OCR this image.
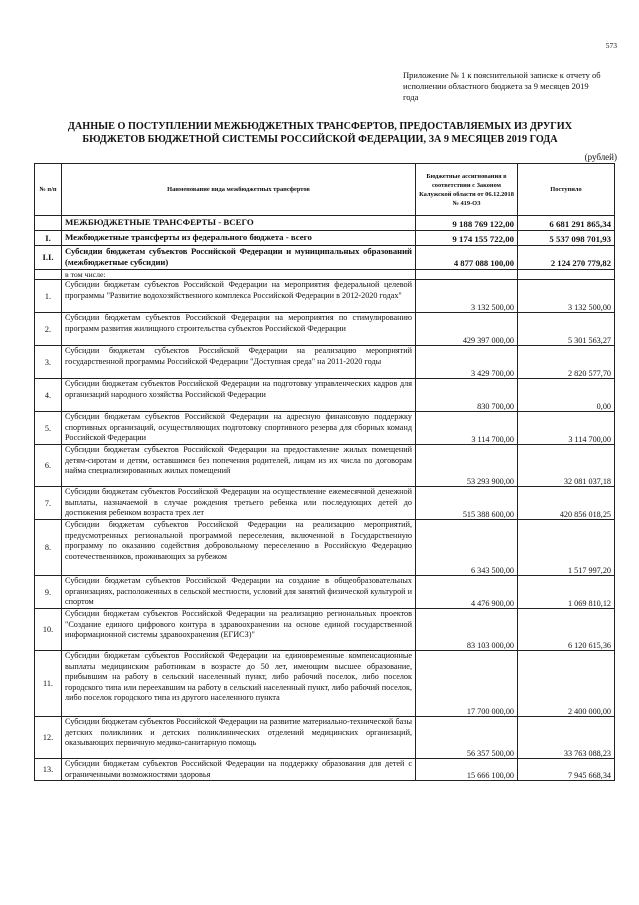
573
Приложение № 1 к пояснительной записке к отчету об исполнении областного бюджета за 9 месяцев 2019 года
ДАННЫЕ О ПОСТУПЛЕНИИ МЕЖБЮДЖЕТНЫХ ТРАНСФЕРТОВ, ПРЕДОСТАВЛЯЕМЫХ ИЗ ДРУГИХ БЮДЖЕТОВ БЮДЖЕТНОЙ СИСТЕМЫ РОССИЙСКОЙ ФЕДЕРАЦИИ, ЗА 9 МЕСЯЦЕВ 2019 ГОДА
(рублей)
№ п/п	Наименование вида межбюджетных трансфертов	Бюджетные ассигнования в соответствии с Законом Калужской области от 06.12.2018 № 419-ОЗ	Поступило
	МЕЖБЮДЖЕТНЫЕ ТРАНСФЕРТЫ - ВСЕГО	9 188 769 122,00	6 681 291 865,34
I.	Межбюджетные трансферты из федерального бюджета - всего	9 174 155 722,00	5 537 098 701,93
I.I.	Субсидии бюджетам субъектов Российской Федерации и муниципальных образований (межбюджетные субсидии)	4 877 088 100,00	2 124 270 779,82
	в том числе:		
1.	Субсидии бюджетам субъектов Российской Федерации на мероприятия федеральной целевой программы "Развитие водохозяйственного комплекса Российской Федерации в 2012-2020 годах"	3 132 500,00	3 132 500,00
2.	Субсидии бюджетам субъектов Российской Федерации на мероприятия по стимулированию программ развития жилищного строительства субъектов Российской Федерации	429 397 000,00	5 301 563,27
3.	Субсидии бюджетам субъектов Российской Федерации на реализацию мероприятий государственной программы Российской Федерации "Доступная среда" на 2011-2020 годы	3 429 700,00	2 820 577,70
4.	Субсидии бюджетам субъектов Российской Федерации на подготовку управленческих кадров для организаций народного хозяйства Российской Федерации	830 700,00	0,00
5.	Субсидии бюджетам субъектов Российской Федерации на адресную финансовую поддержку спортивных организаций, осуществляющих подготовку спортивного резерва для сборных команд Российской Федерации	3 114 700,00	3 114 700,00
6.	Субсидии бюджетам субъектов Российской Федерации на предоставление жилых помещений детям-сиротам и детям, оставшимся без попечения родителей, лицам из их числа по договорам найма специализированных жилых помещений	53 293 900,00	32 081 037,18
7.	Субсидии бюджетам субъектов Российской Федерации на осуществление ежемесячной денежной выплаты, назначаемой в случае рождения третьего ребенка или последующих детей до достижения ребенком возраста трех лет	515 388 600,00	420 856 018,25
8.	Субсидии бюджетам субъектов Российской Федерации на реализацию мероприятий, предусмотренных региональной программой переселения, включенной в Государственную программу по оказанию содействия добровольному переселению в Российскую Федерацию соотечественников, проживающих за рубежом	6 343 500,00	1 517 997,20
9.	Субсидии бюджетам субъектов Российской Федерации на создание в общеобразовательных организациях, расположенных в сельской местности, условий для занятий физической культурой и спортом	4 476 900,00	1 069 810,12
10.	Субсидии бюджетам субъектов Российской Федерации на реализацию региональных проектов "Создание единого цифрового контура в здравоохранении на основе единой государственной информационной системы здравоохранения (ЕГИСЗ)"	83 103 000,00	6 120 615,36
11.	Субсидии бюджетам субъектов Российской Федерации на единовременные компенсационные выплаты медицинским работникам в возрасте до 50 лет, имеющим высшее образование, прибывшим на работу в сельский населенный пункт, либо рабочий поселок, либо поселок городского типа или переехавшим на работу в сельский населенный пункт, либо рабочий поселок, либо поселок городского типа из другого населенного пункта	17 700 000,00	2 400 000,00
12.	Субсидии бюджетам субъектов Российской Федерации на развитие материально-технической базы детских поликлиник и детских поликлинических отделений медицинских организаций, оказывающих первичную медико-санитарную помощь	56 357 500,00	33 763 088,23
13.	Субсидии бюджетам субъектов Российской Федерации на поддержку образования для детей с ограниченными возможностями здоровья	15 666 100,00	7 945 668,34
